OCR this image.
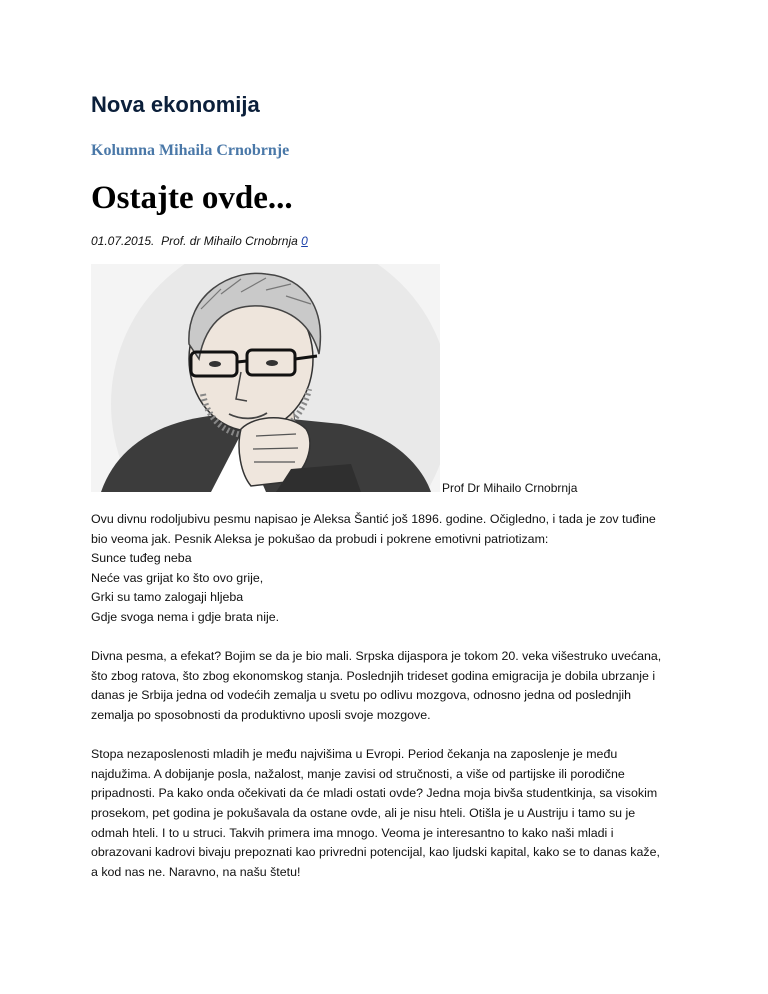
Nova ekonomija
Kolumna Mihaila Crnobrnje
Ostajte ovde...
01.07.2015. Prof. dr Mihailo Crnobrnja 0
Prof Dr Mihailo Crnobrnja

Ovu divnu rodoljubivu pesmu napisao je Aleksa Šantić još 1896. godine. Očigledno, i tada je zov tuđine
bio veoma jak. Pesnik Aleksa je pokušao da probudi i pokrene emotivni patriotizam:
Sunce tuđeg neba
Neće vas grijat ko što ovo grije,
Grki su tamo zalogaji hljeba
Gdje svoga nema i gdje brata nije.

Divna pesma, a efekat? Bojim se da je bio mali. Srpska dijaspora je tokom 20. veka višestruko uvećana,
što zbog ratova, što zbog ekonomskog stanja. Poslednjih trideset godina emigracija je dobila ubrzanje i
danas je Srbija jedna od vodećih zemalja u svetu po odlivu mozgova, odnosno jedna od poslednjih
zemalja po sposobnosti da produktivno uposli svoje mozgove.

Stopa nezaposlenosti mladih je među najvišima u Evropi. Period čekanja na zaposlenje je među
najdužima. A dobijanje posla, nažalost, manje zavisi od stručnosti, a više od partijske ili porodične
pripadnosti. Pa kako onda očekivati da će mladi ostati ovde? Jedna moja bivša studentkinja, sa visokim
prosekom, pet godina je pokušavala da ostane ovde, ali je nisu hteli. Otišla je u Austriju i tamo su je
odmah hteli. I to u struci. Takvih primera ima mnogo. Veoma je interesantno to kako naši mladi i
obrazovani kadrovi bivaju prepoznati kao privredni potencijal, kao ljudski kapital, kako se to danas kaže,
a kod nas ne. Naravno, na našu štetu!
